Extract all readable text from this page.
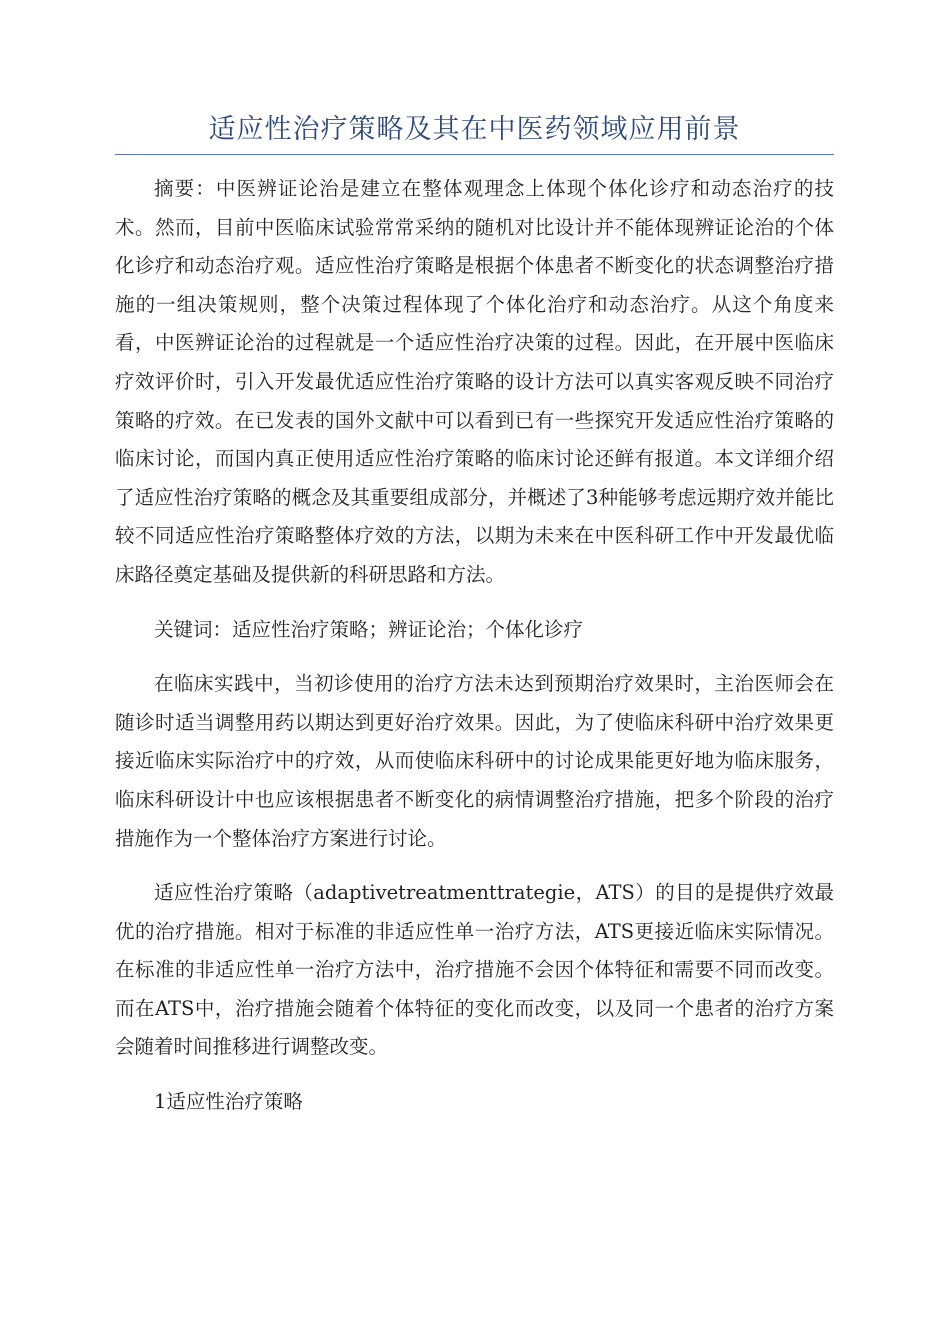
适应性治疗策略及其在中医药领域应用前景

摘要：中医辨证论治是建立在整体观理念上体现个体化诊疗和动态治疗的技术。然而，目前中医临床试验常常采纳的随机对比设计并不能体现辨证论治的个体化诊疗和动态治疗观。适应性治疗策略是根据个体患者不断变化的状态调整治疗措施的一组决策规则，整个决策过程体现了个体化治疗和动态治疗。从这个角度来看，中医辨证论治的过程就是一个适应性治疗决策的过程。因此，在开展中医临床疗效评价时，引入开发最优适应性治疗策略的设计方法可以真实客观反映不同治疗策略的疗效。在已发表的国外文献中可以看到已有一些探究开发适应性治疗策略的临床讨论，而国内真正使用适应性治疗策略的临床讨论还鲜有报道。本文详细介绍了适应性治疗策略的概念及其重要组成部分，并概述了3种能够考虑远期疗效并能比较不同适应性治疗策略整体疗效的方法，以期为未来在中医科研工作中开发最优临床路径奠定基础及提供新的科研思路和方法。

关键词：适应性治疗策略；辨证论治；个体化诊疗

在临床实践中，当初诊使用的治疗方法未达到预期治疗效果时，主治医师会在随诊时适当调整用药以期达到更好治疗效果。因此，为了使临床科研中治疗效果更接近临床实际治疗中的疗效，从而使临床科研中的讨论成果能更好地为临床服务，临床科研设计中也应该根据患者不断变化的病情调整治疗措施，把多个阶段的治疗措施作为一个整体治疗方案进行讨论。

适应性治疗策略（adaptivetreatmenttrategie，ATS）的目的是提供疗效最优的治疗措施。相对于标准的非适应性单一治疗方法，ATS更接近临床实际情况。在标准的非适应性单一治疗方法中，治疗措施不会因个体特征和需要不同而改变。而在ATS中，治疗措施会随着个体特征的变化而改变，以及同一个患者的治疗方案会随着时间推移进行调整改变。

1适应性治疗策略
